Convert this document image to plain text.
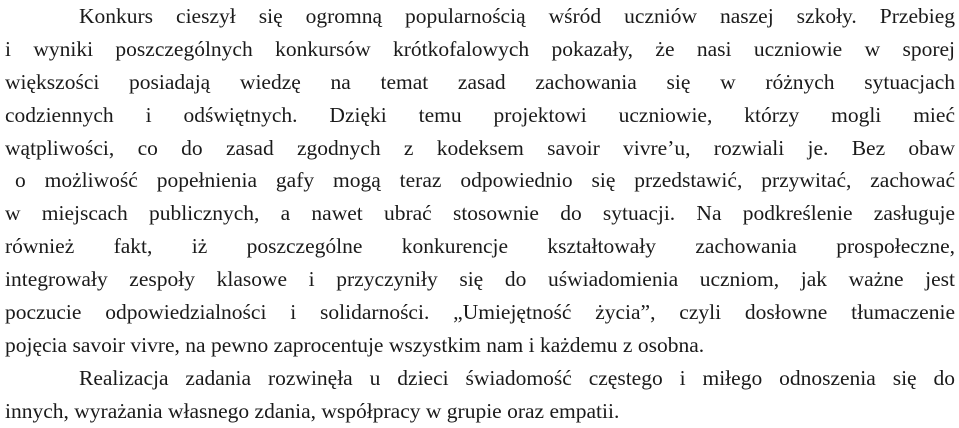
Konkurs cieszył się ogromną popularnością wśród uczniów naszej szkoły. Przebieg
i wyniki poszczególnych konkursów krótkofalowych pokazały, że nasi uczniowie w sporej
większości posiadają wiedzę na temat zasad zachowania się w różnych sytuacjach
codziennych i odświętnych. Dzięki temu projektowi uczniowie, którzy mogli mieć
wątpliwości, co do zasad zgodnych z kodeksem savoir vivre’u, rozwiali je. Bez obaw
o możliwość popełnienia gafy mogą teraz odpowiednio się przedstawić, przywitać, zachować
w miejscach publicznych, a nawet ubrać stosownie do sytuacji. Na podkreślenie zasługuje
również fakt, iż poszczególne konkurencje kształtowały zachowania prospołeczne,
integrowały zespoły klasowe i przyczyniły się do uświadomienia uczniom, jak ważne jest
poczucie odpowiedzialności i solidarności. „Umiejętność życia”, czyli dosłowne tłumaczenie
pojęcia savoir vivre, na pewno zaprocentuje wszystkim nam i każdemu z osobna.
Realizacja zadania rozwinęła u dzieci świadomość częstego i miłego odnoszenia się do
innych, wyrażania własnego zdania, współpracy w grupie oraz empatii.
